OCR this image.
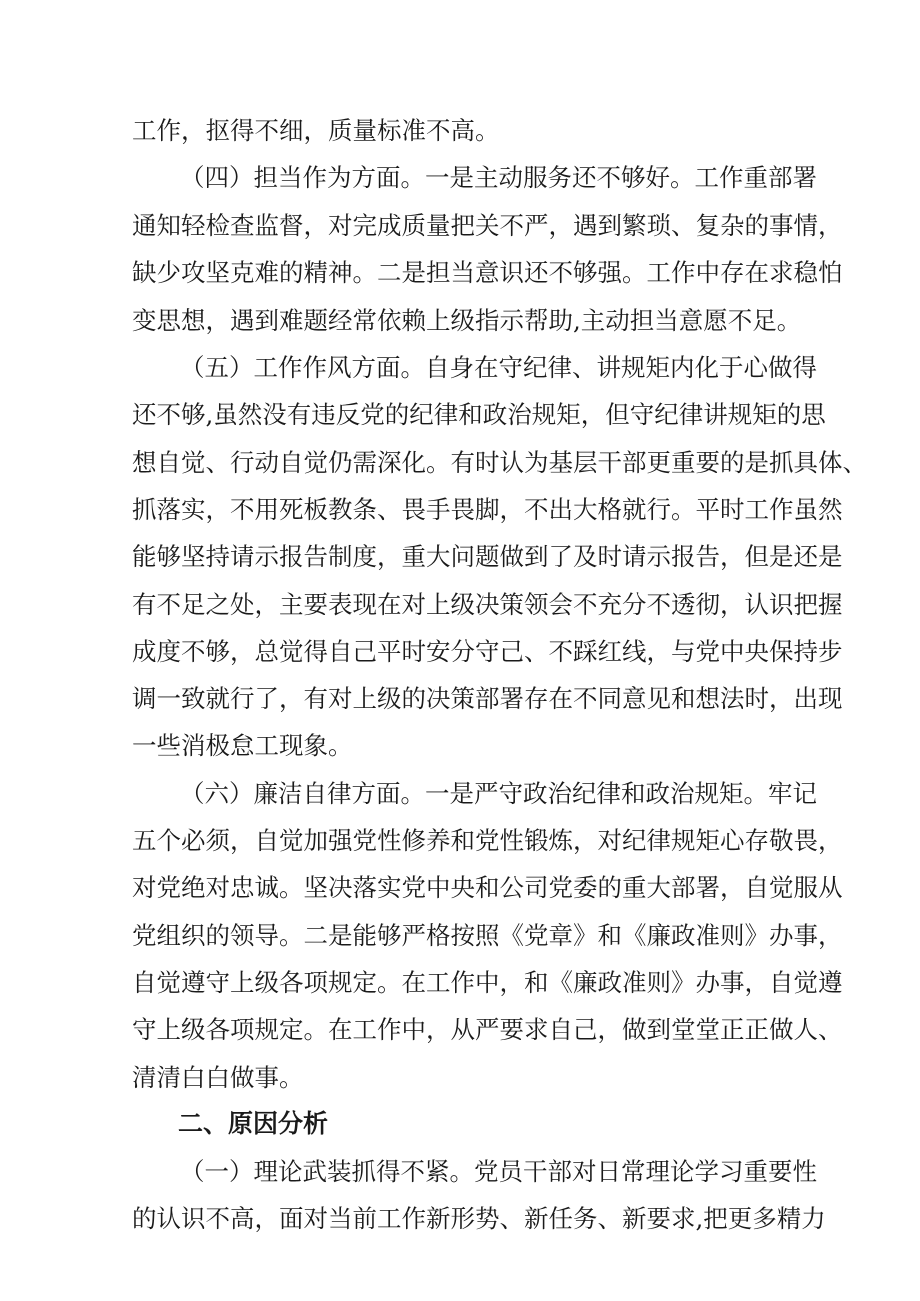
工作，抠得不细，质量标准不高。
（四）担当作为方面。一是主动服务还不够好。工作重部署
通知轻检查监督，对完成质量把关不严，遇到繁琐、复杂的事情，
缺少攻坚克难的精神。二是担当意识还不够强。工作中存在求稳怕
变思想，遇到难题经常依赖上级指示帮助,主动担当意愿不足。
（五）工作作风方面。自身在守纪律、讲规矩内化于心做得
还不够,虽然没有违反党的纪律和政治规矩，但守纪律讲规矩的思
想自觉、行动自觉仍需深化。有时认为基层干部更重要的是抓具体、
抓落实，不用死板教条、畏手畏脚，不出大格就行。平时工作虽然
能够坚持请示报告制度，重大问题做到了及时请示报告，但是还是
有不足之处，主要表现在对上级决策领会不充分不透彻，认识把握
成度不够，总觉得自己平时安分守己、不踩红线，与党中央保持步
调一致就行了，有对上级的决策部署存在不同意见和想法时，出现
一些消极怠工现象。
（六）廉洁自律方面。一是严守政治纪律和政治规矩。牢记
五个必须，自觉加强党性修养和党性锻炼，对纪律规矩心存敬畏，
对党绝对忠诚。坚决落实党中央和公司党委的重大部署，自觉服从
党组织的领导。二是能够严格按照《党章》和《廉政准则》办事，
自觉遵守上级各项规定。在工作中，和《廉政准则》办事，自觉遵
守上级各项规定。在工作中，从严要求自己，做到堂堂正正做人、
清清白白做事。
二、原因分析
（一）理论武装抓得不紧。党员干部对日常理论学习重要性
的认识不高，面对当前工作新形势、新任务、新要求,把更多精力
